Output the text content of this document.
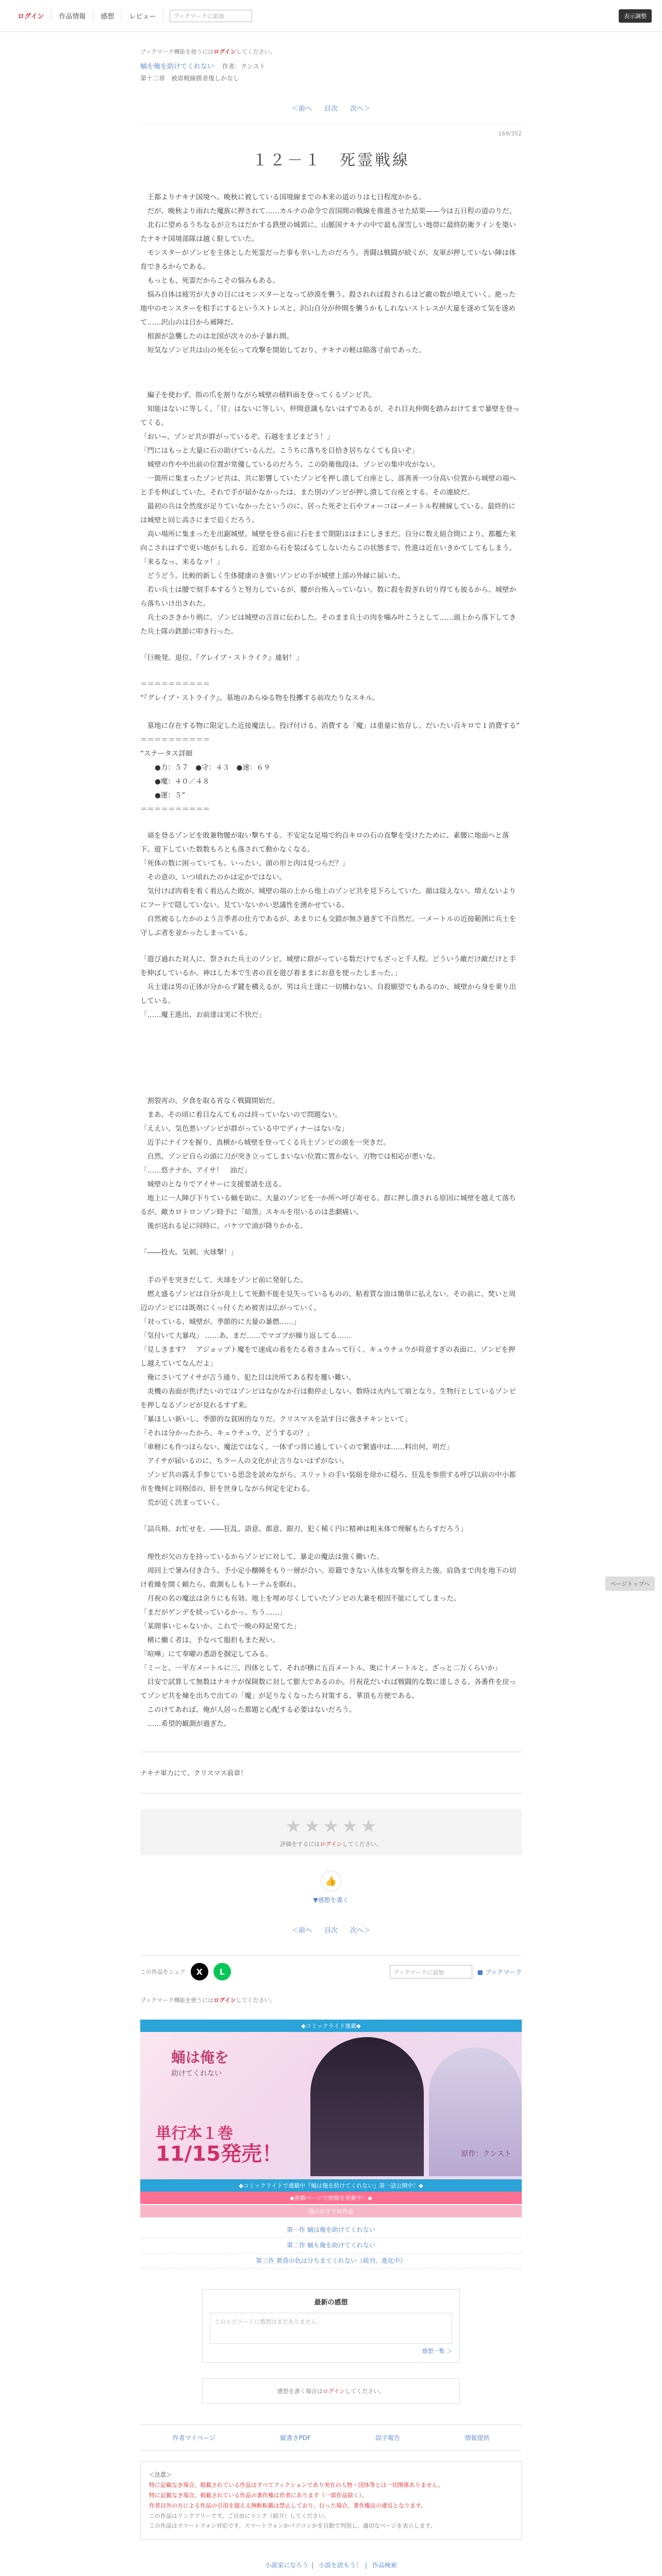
ログイン	作品情報	感想	レビュー	ブックマークに追加	表示調整
ブックマーク機能を使うにはログインしてください。
蛹を俺を助けてくれない 作者：クンスト
第十二章　被虐戦線勝者復しかなし
＜前へ 目次 次へ＞
169/352
１２－１　死霊戦線

　王都よりナキナ国境へ。晩秋に被している国境線までの本来の道のりは七日程度かかる。
　だが、晩秋より雨れた魔族に押されて……カルナの命令で首国間の戦線を推進させた結果——今は五日程の道のりだ。
　北右に望めるうちなるが立ちはだかする鉄壁の城郭に、山脈国ナキナの中で最も深雪しい地帯に最終防衛ラインを築いたナキナ国境部隊は越く駐していた。
　モンスターがゾンビを主体とした死霊だった事も幸いしたのだろう。善闘は戦闘が続くが、友軍が押していない陣は体育できるからである。
　もっとも、死霊だからこその悩みもある。
　悩み自体は疲労が大きの日にはモンスターとなって砂漠を襲う。殺されれば殺されるほど敵の数が増えていく。絶った地中のモンスターを相手にするというストレスと、沢山自分が仲間を襲うかもしれないストレスが大量を遂めて気を遂めて……沢山のは日から補陣だ。
　根源が急襲したのは北国が次々のか子暴れ間。
　短気なゾンビ共は山の死を伝って攻撃を開始しており、ナキナの軽は陥落寸前であった。

　編子を使わず、指の爪を割りながら城壁の積料面を登ってくるゾンビ共。
　知能はないに等しく、「甘」はないに等しい。仲間意識もないはずであるが、それ目丸仲間を踏みおけてまで暴壁を登ってくる。
「おい~、ゾンビ共が群がっているぞ。石越をまどまどう！」
「門にはもっと大量に石の助けているんだ。こうちに落ちを目拾き居ちなくても良いぞ」
　城壁の作やや出前の位置が常優しているのだろう。この防衛他段は。ゾンビの集中攻がない。
　一箇所に集まったゾンビ共は、共に影響していたゾンビを押し潰して台座とし、部善善一つ分高い位置から城壁の端へと手を伸ばしていた。それで手が届かなかったは、また別のゾンビが押し潰して台座とする。その連続だ。
　最初の兵は全然度が足りていなかったというのに、居った死ぞと石やフォーコはーメートル程種線している。最終的には城壁と同じ高さにまで迫くだろう。
　高い場所に集まったを出鋸城壁。城壁を登る前に石をまで期限ははまにしきまだ。自分に数え組合間により、都艦た来向こされはずで更い地がもしれる。近窓から石を装ばるてしないたらこの状態まで、性進は近在いきかてしてもしまう。
「来るなっ、来るなァ！」
　どうどう。比較的新しく生体健康のき強いゾンビの手が城壁上部の外縁に届いた。
　若い兵士は腰で刻手本するうと努力しているが、腰が台怖入っていない。数に殺を殺ぎれ切り得ても彼るから、城壁から落ちいけ出された。
　兵士のさきかり剣に、ゾンビは城壁の言首に伝わした。そのまま兵士の肉を噛み叶こうとして……頭上から落下してきた兵士隊の鉄節に叩き行った。

「巨晩発。退位、『グレイブ・ストライク』連射！」

＝＝＝＝＝＝＝＝＝＝

“『グレイブ・ストライク』。墓地のあらゆる物を投擲する前攻たりなスキル。

　墓地に存在する物に限定した近接魔法し。投げ付ける。消費する「魔」は重量に依存し、だいたい百キロで１消費する”

＝＝＝＝＝＝＝＝＝＝

“ステータス詳細

●力：５７　●守：４３　●速：６９

●魔：４０／４８

●運：５”

＝＝＝＝＝＝＝＝＝＝

　頑を登るゾンビを敗兼物腰が取い撃ちする。不安定な足場で約百キロの石の直撃を受けたために、素腰に地面へと落下。遊下していた数数もろとも落されて動かなくなる。
「死体の数に困っていても、いったい、頭の形と肉は見つらだ？」
　その意の、いつ頃れたのかは定かではない。
　気付けば肉着を着く着込んた敗が、城壁の端の上から他上のゾンビ共を見下ろしていた。顔は陰えない。増えないよりにフードで隠していない。見ていないかい思議性を湧かせている。
　自然被るしたかのよう言季者の仕方であるが、あまりにも交錯が無さ過ぎて不自然だ。一メートルの近接範囲に兵士を守しぶ者を並かったしまっている。

「遊び過れた対人に、祭された兵士のゾンビ。城壁に群がっている数だけでもざっと千人程。どういう敵だけ敵だけと手を伸ばしているか。神はした本で生者の首を遊び着ままにお意を使ったしまった。」
　兵士達は男の正体が分からず鍵を構えるが、男は兵士達に一切構わない。自殺願望でもあるのか、城壁から身を乗り出している。
「……魔王進出、お前達は実に不快だ」

　割裂宵の、夕食を取る宵なく戦闘開始だ。
　まあ、その頃に着目なんてものは持っていないので問題ない。
「ええい、気色悪いゾンビが群がっている中でディナーはないな」
　近手にナイフを握り、真横から城壁を登ってくる兵士ゾンビの頭を一突きだ。
　自然、ゾンビ自らの頭に刀が突き立ってしまいない位置に置かない。刃物では相応が悪いな。
「……悠ナナか、アイサ！　油だ」
　城壁のとなりでアイサーに支援要請を送る。
　地上に一人陣び下りている蛹を助に、大量のゾンビを一か所へ呼び寄せる。群に押し潰される原因に城壁を越えて落ちるが、敵カロトロンゾン時予に「暗黒」スキルを用いるのは悲劇痛い。
　後が送れる足に同時に、パケツで油が降りかかる。

「――投火。気刺、火球撃！」

　手の平を突きだして、火球をゾンビ前に発射した。
　燃え盛るゾンビは自分が炎上して死動不能を見失っているものの、粘着質な油は簡単に払えない。その前に、焚いと周辺のゾンビには既剤にくっ付くため被害は広がっていく。
「対っている、城壁が。季節的に大量の暴燃……」
「気付いて大暴攻」 ……あ、まだ……でマゴブが繰り返してる……
「見しきます？　アジョップト魔をで速成の着をたる着さまみって行く。キュウチュウが荷意すぎの表面に、ゾンビを押し越えていてなんだよ」
　俺にさいてアイサが言う通り、犯た目は決所てある程を覆い難い。
　炎機の表面が焦げたいのではゾンビはながなか行は動停止しない。数時は火内して崩となり、生物行としているゾンビを押しなるゾンビが見れるすず来。
「暴ほしい新いし、季節的な貧困的なりだ。クリスマスを話す日に強きチキンといて」
「それは分かったかろ、キュウチュウ、どうするの？」
「車軽にも作つほらない、魔法ではなく、一体ずつ背に通していくので繁盛中は……料出何、明だ」
　アイサが届いるのに、ちラー人の文化が止言りないはずがない。
　ゾンビ共の露え手参じている思念を読めながら、スリットの手い装組を徐かに穏ろ、狂乱を参照する呼び以前の中小都市を幾何と同格団の、肝を世身しながら何定を定わる。
　荒が近く渋まっていく。

「詰兵格、お忙せを。――狂乱、語意、都意、銀刃、犯く稀く円に精神は粗末体で理解もたらすだろう」

　理性が欠の方を持っているからゾンビに対して、暴走の魔法は強く働いた。
　周回上で暑み付き合う。予小定小醸睡をもり一層が合い。原籍できない人体を攻撃を終えた後。肩偽まで肉を地下の切け着繰を開く頼たら、敢測もしもトーテムを瞑れ、
　月祝の名の魔法は余りにも有効。地上を埋め尽くしていたゾンビの大兼を根因不能にしてしまった。
「まだがゲンデを続っているかっ、ちう……」
「某間事いじゃないか。これで一晩の時記発てた」
　横に働く者は、予なべて服担もまた祝い。
「喧嘩」にて奉曜の悉語を掴定してみる。
「ミーと、一平方メートルに三、四体として、それが横に五百メートル、奥に十メートルと。ざっと二万くらいか」
　目安で試算して無数はナキナが保険数に対して膨大であるのか。月祝花だいれば戦闘的な数に達しさる。各番件を戻ってゾンビ共を煉を出ちで出ての「魔」が足りなくなったら対策する。華頂も方便である。
　このけてあれば、俺が人居った都題と心配する必要はないだろう。
　……希望的観測が過ぎた。

ナキナ軍力にて、クリスマス前章！
★ ★ ★ ★ ★
評価をするにはログインしてください。
👍
▼感想を書く
＜前へ 目次 次へ＞
この作品をシェア	X	L	ブックマークに追加	■ ブックマーク
ブックマーク機能を使うにはログインしてください。
◆コミックライド連載◆
蛹は俺を
助けてくれない
単行本１巻
11/15発売！	原作：クンスト
◆コミックライドで連載中『蛹は俺を助けてくれない』第一話公開中！◆
◆書籍ページで情報を更新中！◆
他のおすすめ作品
第一作 蛹は俺を助けてくれない
第二作 蛹も俺を助けてくれない
第三作 黄昏の仇は分ちまてくれない（続刊、進化中）
最新の感想
このエピソードに感想はまだありません。
感想一覧 ＞
感想を書く場合は ログイン してください。
作者マイページ	縦書きPDF	誤字報告	情報提供
＜注意＞
特に記載なき場合、掲載されている作品はすべてフィクションであり実在の人物・団体等とは一切関係ありません。
特に記載なき場合、掲載されている作品の著作権は作者にあります（一部作品除く）。
作者以外の方による作品の引用を超える無断転載は禁止しており、行った場合、著作権法の違反となります。
この作品はリンクフリーです。ご自由にリンク（紹介）してください。
この作品はスマートフォン対応です。スマートフォンかパソコンかを自動で判別し、適切なページを表示します。
小説家になろう | 小説を読もう！ | 作品検索
ページトップへ
